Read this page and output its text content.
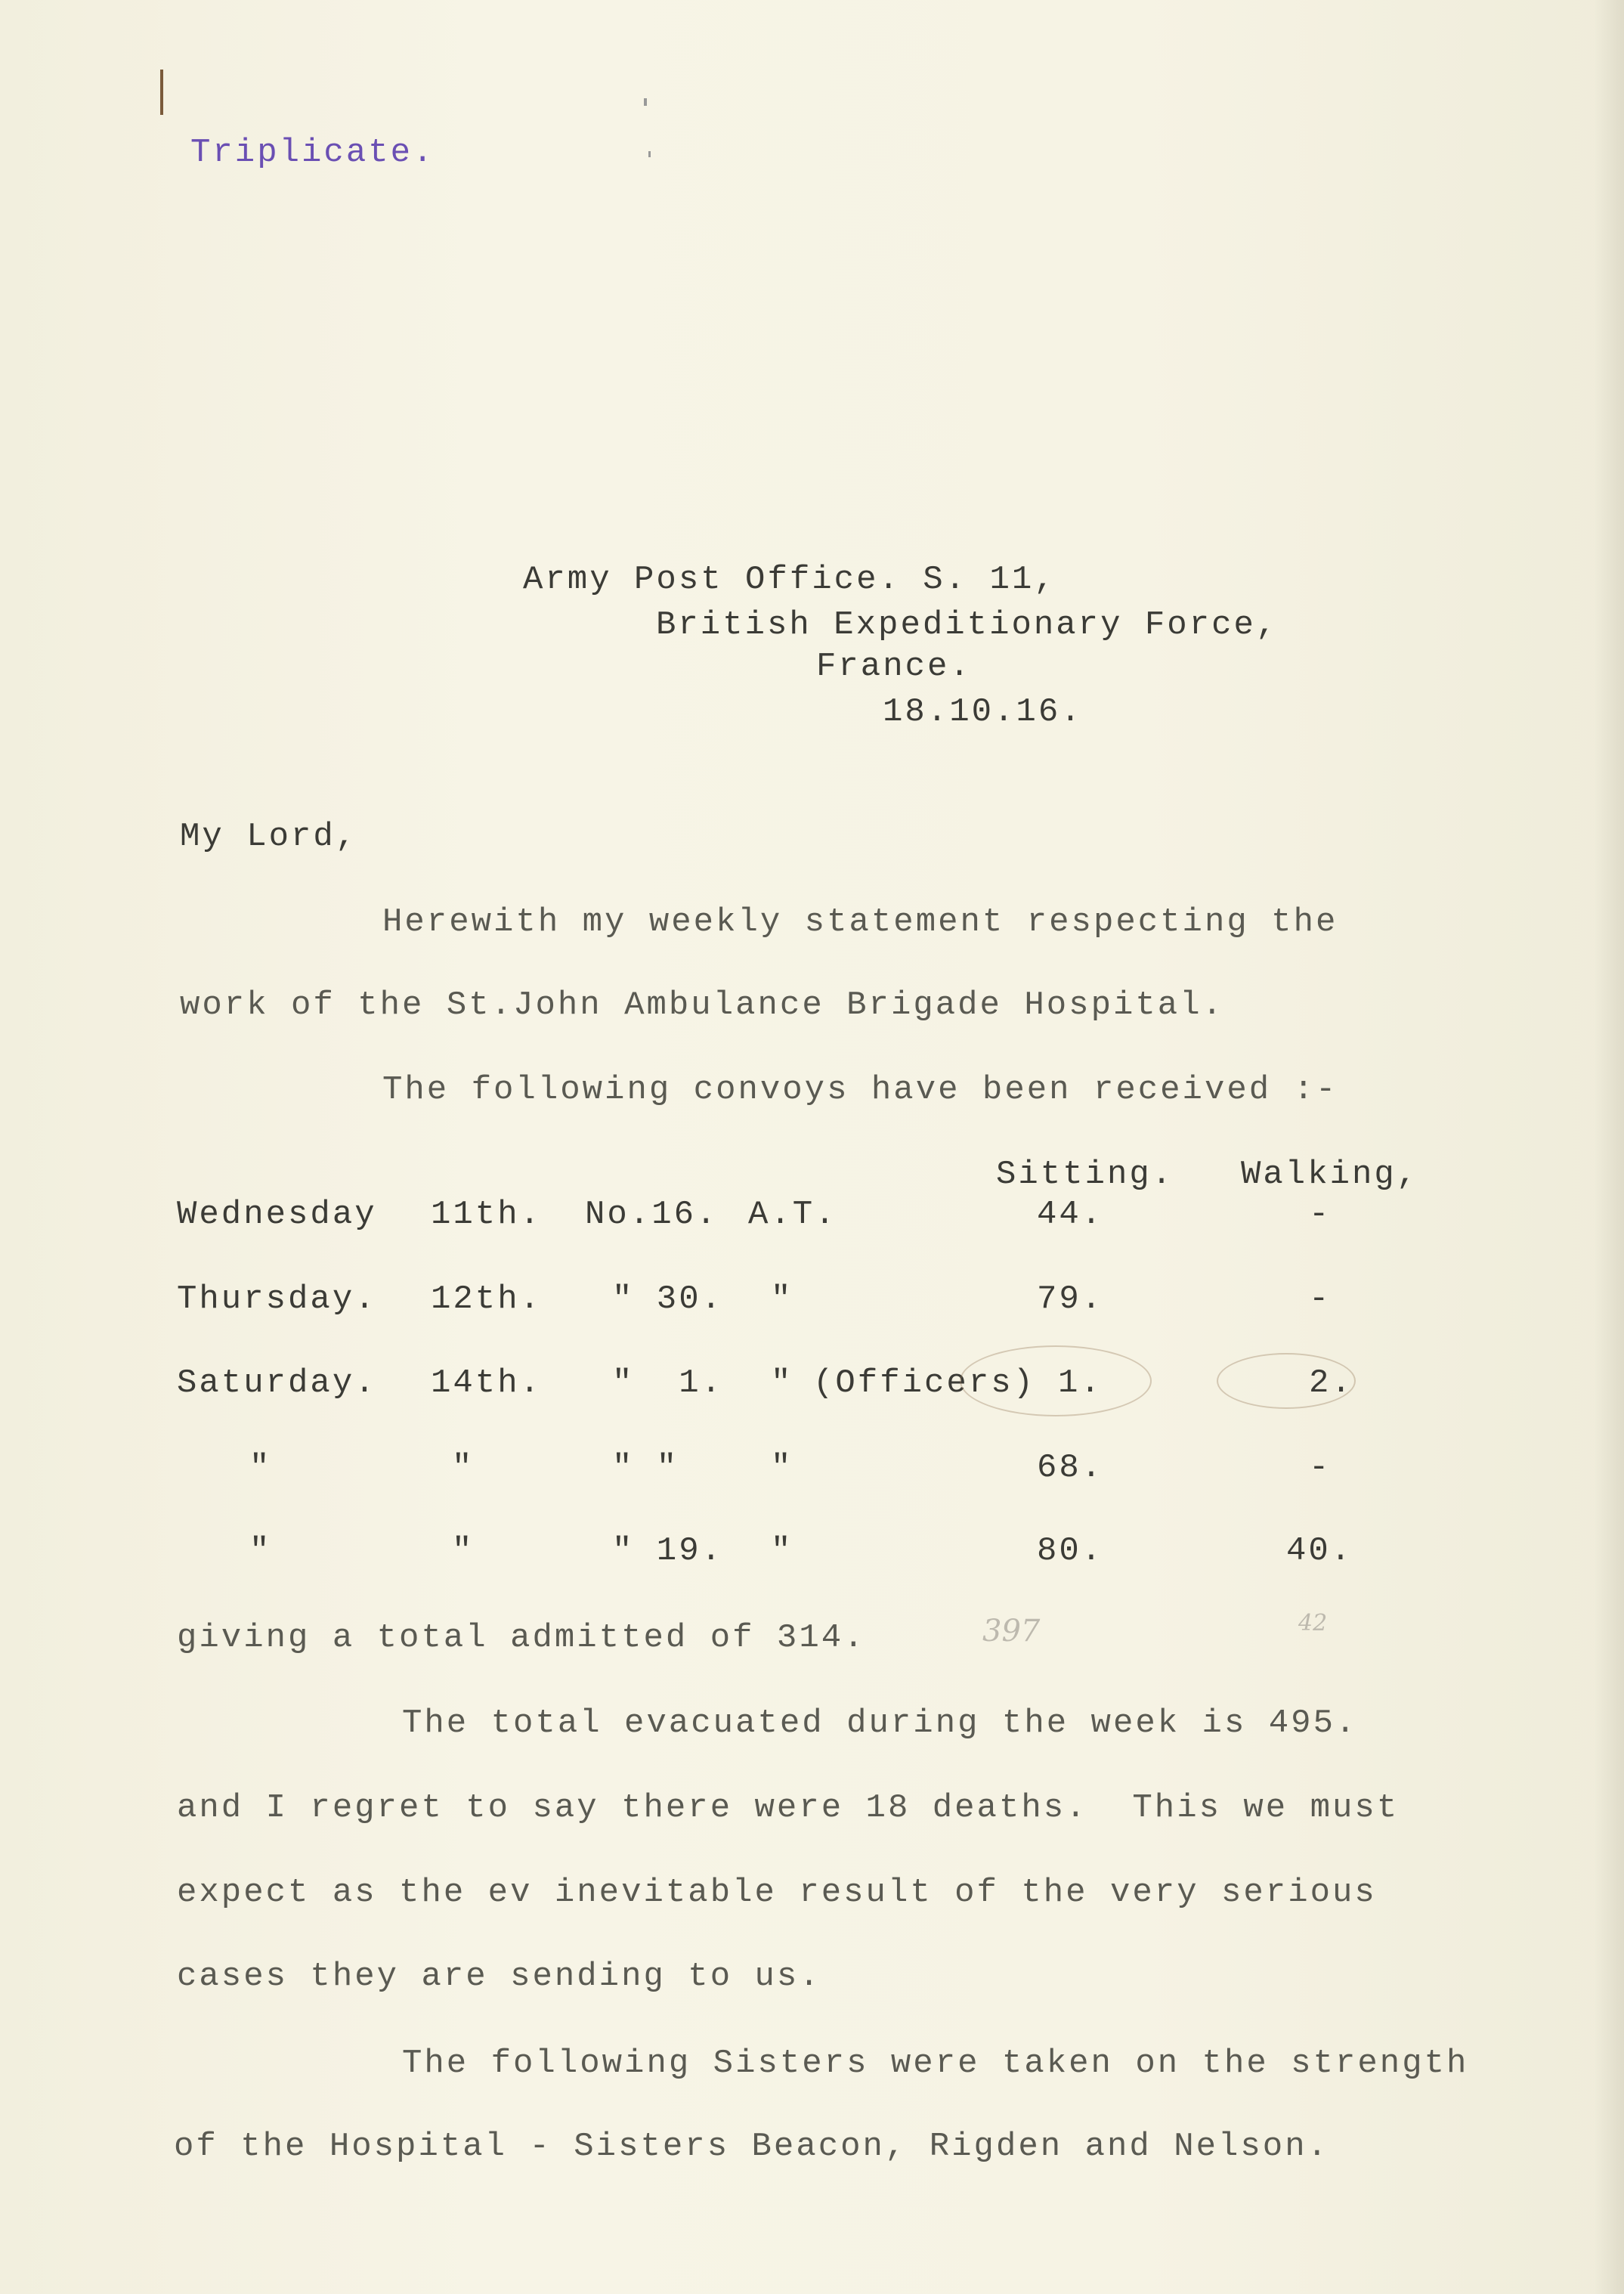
Triplicate.
Army Post Office. S. 11,
British Expeditionary Force,
France.
18.10.16.
My Lord,
Herewith my weekly statement respecting the
work of the St.John Ambulance Brigade Hospital.
The following convoys have been received :-
Sitting. Walking,
Wednesday 11th. No.16. A.T.	44.	-
Thursday. 12th. " 30. "	79.	-
Saturday. 14th. "  1. " (Officers) 1.	2.
"	"	" "	"	68.	-
"	"	" 19. "	80.	40.
397	42
giving a total admitted of 314.
The total evacuated during the week is 495.
and I regret to say there were 18 deaths.  This we must
expect as the ev inevitable result of the very serious
cases they are sending to us.
The following Sisters were taken on the strength
of the Hospital - Sisters Beacon, Rigden and Nelson.
